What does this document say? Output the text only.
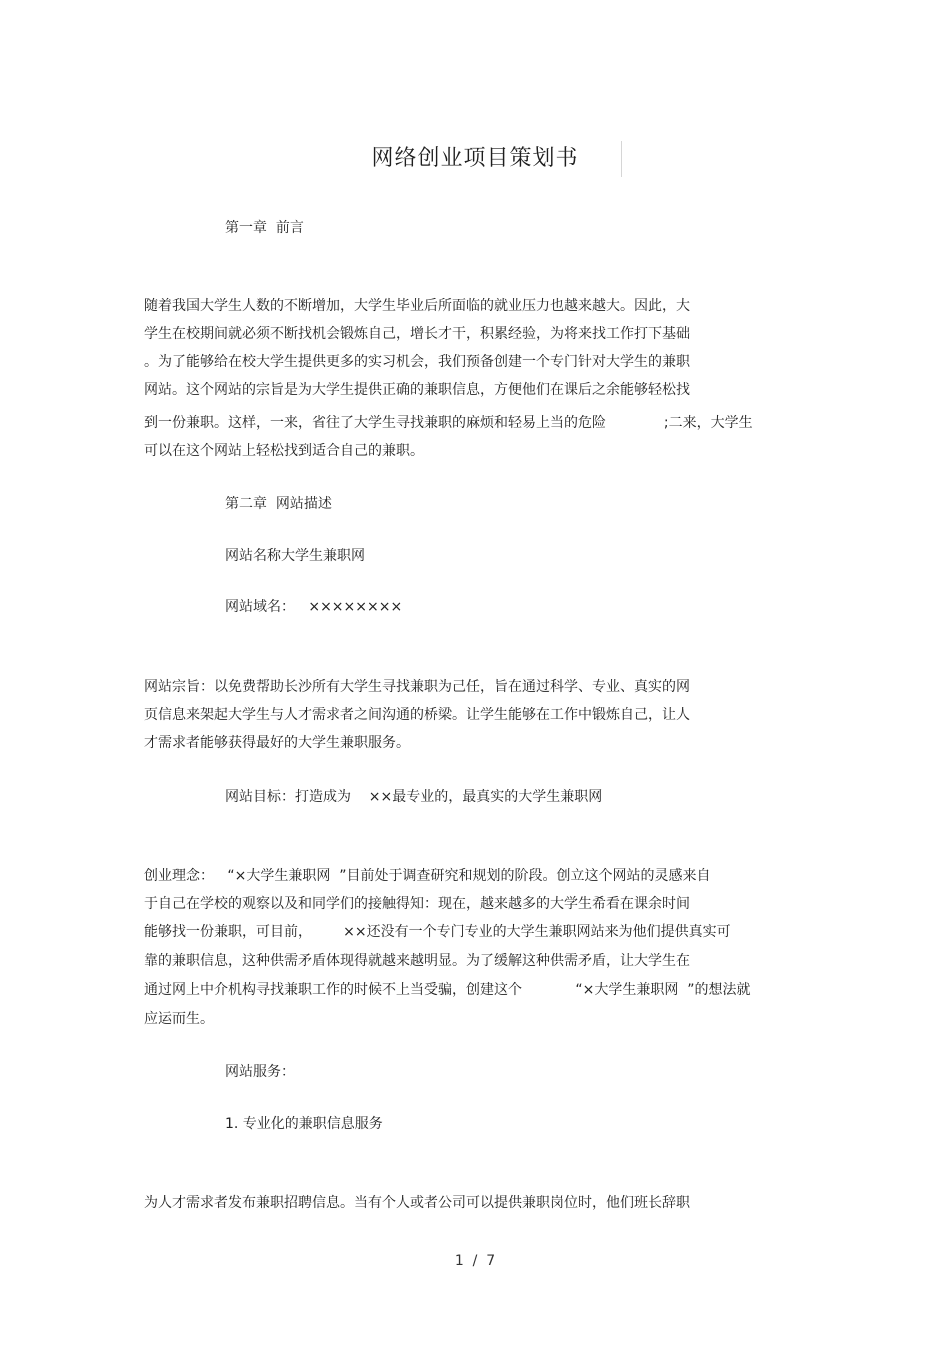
网络创业项目策划书
第一章  前言
随着我国大学生人数的不断增加，大学生毕业后所面临的就业压力也越来越大。因此，大
学生在校期间就必须不断找机会锻炼自己，增长才干，积累经验，为将来找工作打下基础
。为了能够给在校大学生提供更多的实习机会，我们预备创建一个专门针对大学生的兼职
网站。这个网站的宗旨是为大学生提供正确的兼职信息，方便他们在课后之余能够轻松找
到一份兼职。这样，一来，省往了大学生寻找兼职的麻烦和轻易上当的危险             ;二来，大学生
可以在这个网站上轻松找到适合自己的兼职。
第二章  网站描述
网站名称大学生兼职网
网站域名：   ××××××××
网站宗旨：以免费帮助长沙所有大学生寻找兼职为己任，旨在通过科学、专业、真实的网
页信息来架起大学生与人才需求者之间沟通的桥梁。让学生能够在工作中锻炼自己，让人
才需求者能够获得最好的大学生兼职服务。
网站目标：打造成为    ××最专业的，最真实的大学生兼职网
创业理念：   “×大学生兼职网  ”目前处于调查研究和规划的阶段。创立这个网站的灵感来自
于自己在学校的观察以及和同学们的接触得知：现在，越来越多的大学生希看在课余时间
能够找一份兼职，可目前，       ××还没有一个专门专业的大学生兼职网站来为他们提供真实可
靠的兼职信息，这种供需矛盾体现得就越来越明显。为了缓解这种供需矛盾，让大学生在
通过网上中介机构寻找兼职工作的时候不上当受骗，创建这个            “×大学生兼职网  ”的想法就
应运而生。
网站服务：
1. 专业化的兼职信息服务
为人才需求者发布兼职招聘信息。当有个人或者公司可以提供兼职岗位时，他们班长辞职
1  /  7
